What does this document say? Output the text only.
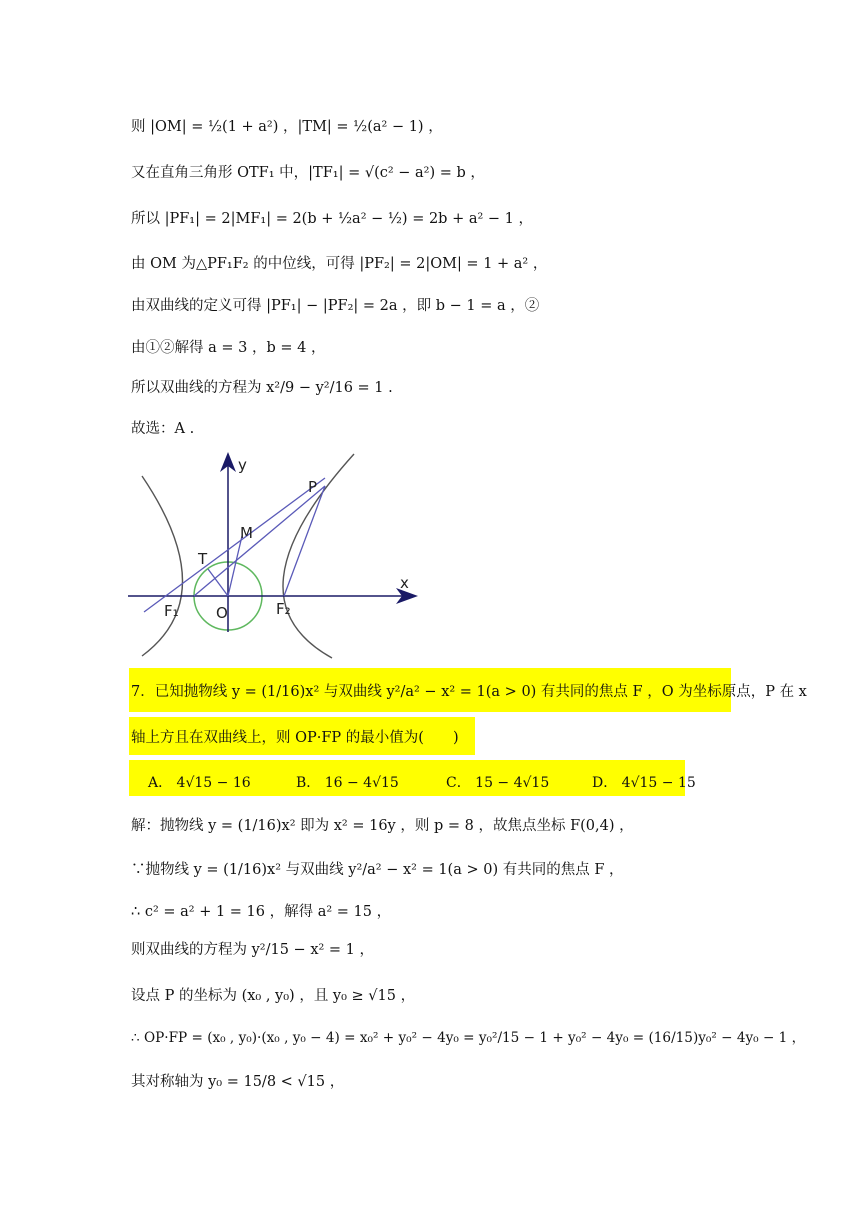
则 |OM| = ½(1 + a²) ，|TM| = ½(a² − 1) ，
又在直角三角形 OTF₁ 中，|TF₁| = √(c² − a²) = b ，
所以 |PF₁| = 2|MF₁| = 2(b + ½a² − ½) = 2b + a² − 1 ，
由 OM 为△PF₁F₂ 的中位线，可得 |PF₂| = 2|OM| = 1 + a² ，
由双曲线的定义可得 |PF₁| − |PF₂| = 2a ，即 b − 1 = a ，②
由①②解得 a = 3 ，b = 4 ，
所以双曲线的方程为 x²/9 − y²/16 = 1 .
故选：A .
y
x
P
M
T
O
F₁	F₂
7．已知抛物线 y = (1/16)x² 与双曲线 y²/a² − x² = 1(a > 0) 有共同的焦点 F ，O 为坐标原点，P 在 x
轴上方且在双曲线上，则 OP·FP 的最小值为(　　)
A． 4√15 − 16	B． 16 − 4√15	C． 15 − 4√15	D． 4√15 − 15
解：抛物线 y = (1/16)x² 即为 x² = 16y ，则 p = 8 ，故焦点坐标 F(0,4) ，
∵抛物线 y = (1/16)x² 与双曲线 y²/a² − x² = 1(a > 0) 有共同的焦点 F ，
∴ c² = a² + 1 = 16 ，解得 a² = 15 ，
则双曲线的方程为 y²/15 − x² = 1 ，
设点 P 的坐标为 (x₀ , y₀) ，且 y₀ ≥ √15 ，
∴ OP·FP = (x₀ , y₀)·(x₀ , y₀ − 4) = x₀² + y₀² − 4y₀ = y₀²/15 − 1 + y₀² − 4y₀ = (16/15)y₀² − 4y₀ − 1 ，
其对称轴为 y₀ = 15/8 < √15 ，
